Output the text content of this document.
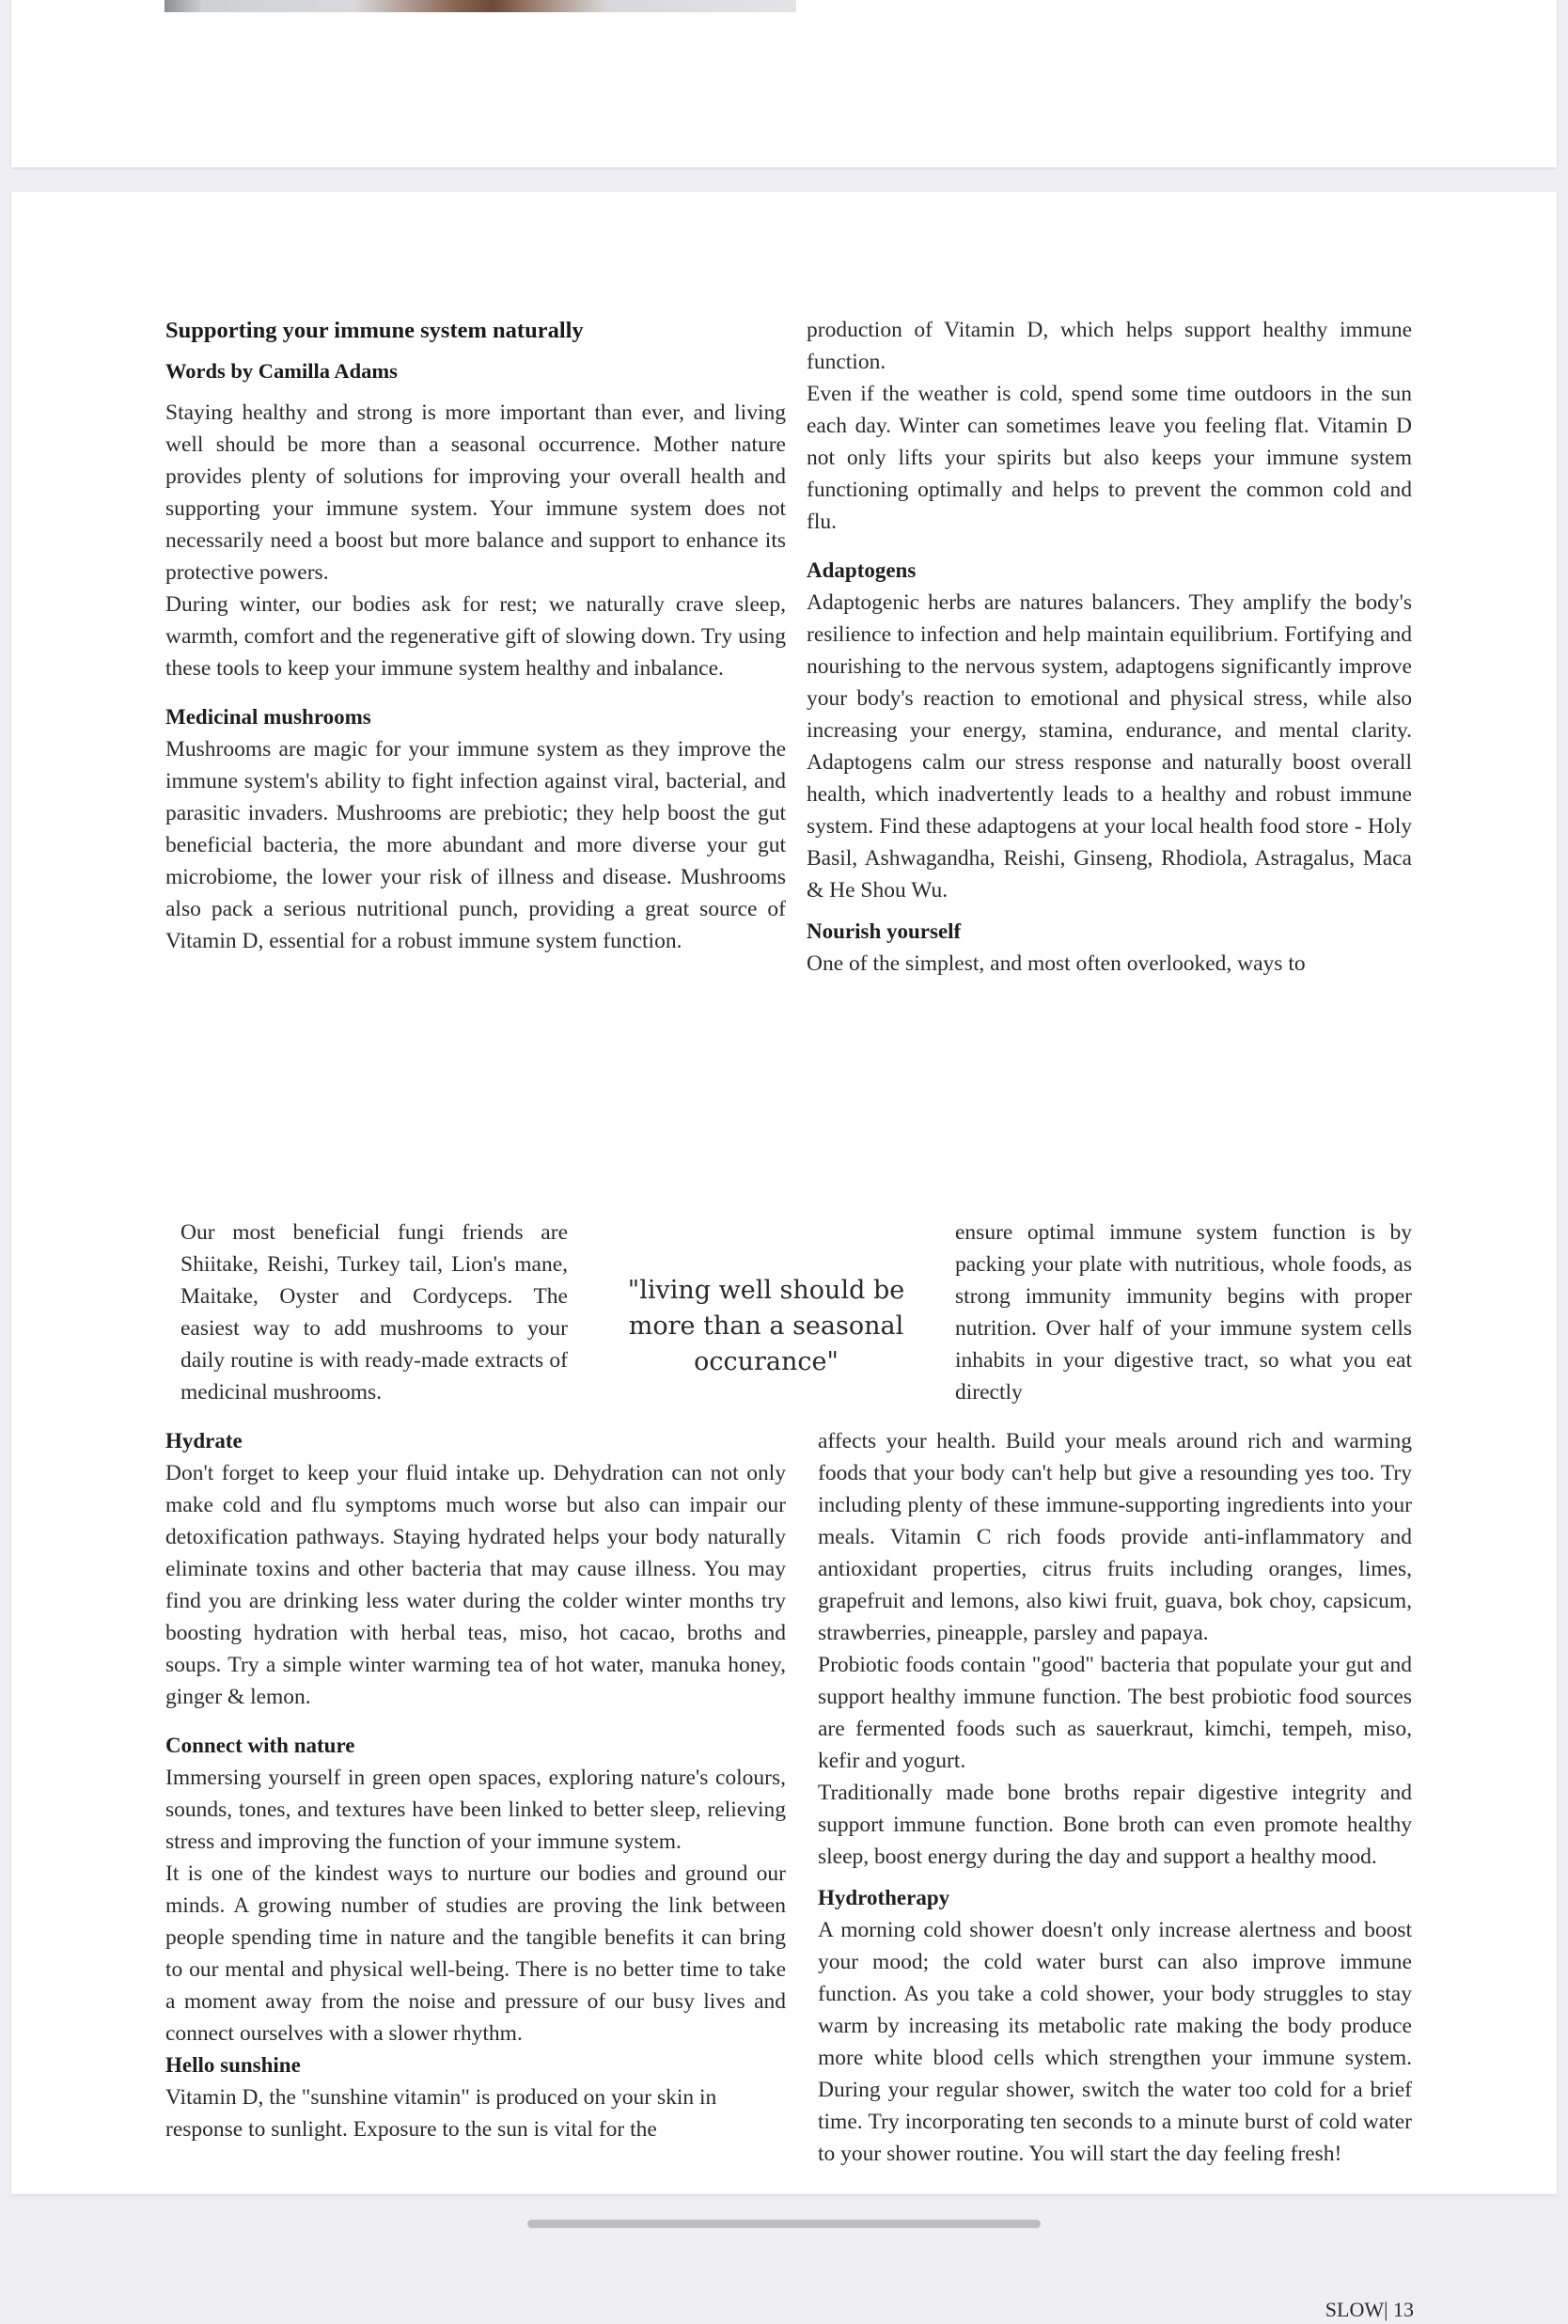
Supporting your immune system naturally

Words by Camilla Adams

Staying healthy and strong is more important than ever, and living well should be more than a seasonal occurrence. Mother nature provides plenty of solutions for improving your overall health and supporting your immune system. Your immune system does not necessarily need a boost but more balance and support to enhance its protective powers.

During winter, our bodies ask for rest; we naturally crave sleep, warmth, comfort and the regenerative gift of slowing down. Try using these tools to keep your immune system healthy and inbalance.

Medicinal mushrooms

Mushrooms are magic for your immune system as they improve the immune system's ability to fight infection against viral, bacterial, and parasitic invaders. Mushrooms are prebiotic; they help boost the gut beneficial bacteria, the more abundant and more diverse your gut microbiome, the lower your risk of illness and disease. Mushrooms also pack a serious nutritional punch, providing a great source of Vitamin D, essential for a robust immune system function.

production of Vitamin D, which helps support healthy immune function.

Even if the weather is cold, spend some time outdoors in the sun each day. Winter can sometimes leave you feeling flat. Vitamin D not only lifts your spirits but also keeps your immune system functioning optimally and helps to prevent the common cold and flu.

Adaptogens

Adaptogenic herbs are natures balancers. They amplify the body's resilience to infection and help maintain equilibrium. Fortifying and nourishing to the nervous system, adaptogens significantly improve your body's reaction to emotional and physical stress, while also increasing your energy, stamina, endurance, and mental clarity. Adaptogens calm our stress response and naturally boost overall health, which inadvertently leads to a healthy and robust immune system. Find these adaptogens at your local health food store - Holy Basil, Ashwagandha, Reishi, Ginseng, Rhodiola, Astragalus, Maca & He Shou Wu.

Nourish yourself

One of the simplest, and most often overlooked, ways to

Our most beneficial fungi friends are Shiitake, Reishi, Turkey tail, Lion's mane, Maitake, Oyster and Cordyceps. The easiest way to add mushrooms to your daily routine is with ready-made extracts of medicinal mushrooms.

"living well should be more than a seasonal occurance"

ensure optimal immune system function is by packing your plate with nutritious, whole foods, as strong immunity immunity begins with proper nutrition. Over half of your immune system cells inhabits in your digestive tract, so what you eat directly

Hydrate

Don't forget to keep your fluid intake up. Dehydration can not only make cold and flu symptoms much worse but also can impair our detoxification pathways. Staying hydrated helps your body naturally eliminate toxins and other bacteria that may cause illness. You may find you are drinking less water during the colder winter months try boosting hydration with herbal teas, miso, hot cacao, broths and soups. Try a simple winter warming tea of hot water, manuka honey, ginger & lemon.

Connect with nature

Immersing yourself in green open spaces, exploring nature's colours, sounds, tones, and textures have been linked to better sleep, relieving stress and improving the function of your immune system.

It is one of the kindest ways to nurture our bodies and ground our minds. A growing number of studies are proving the link between people spending time in nature and the tangible benefits it can bring to our mental and physical well-being. There is no better time to take a moment away from the noise and pressure of our busy lives and connect ourselves with a slower rhythm.

Hello sunshine

Vitamin D, the "sunshine vitamin" is produced on your skin in response to sunlight. Exposure to the sun is vital for the

affects your health. Build your meals around rich and warming foods that your body can't help but give a resounding yes too. Try including plenty of these immune-supporting ingredients into your meals. Vitamin C rich foods provide anti-inflammatory and antioxidant properties, citrus fruits including oranges, limes, grapefruit and lemons, also kiwi fruit, guava, bok choy, capsicum, strawberries, pineapple, parsley and papaya.

Probiotic foods contain "good" bacteria that populate your gut and support healthy immune function. The best probiotic food sources are fermented foods such as sauerkraut, kimchi, tempeh, miso, kefir and yogurt.

Traditionally made bone broths repair digestive integrity and support immune function. Bone broth can even promote healthy sleep, boost energy during the day and support a healthy mood.

Hydrotherapy

A morning cold shower doesn't only increase alertness and boost your mood; the cold water burst can also improve immune function. As you take a cold shower, your body struggles to stay warm by increasing its metabolic rate making the body produce more white blood cells which strengthen your immune system. During your regular shower, switch the water too cold for a brief time. Try incorporating ten seconds to a minute burst of cold water to your shower routine. You will start the day feeling fresh!

SLOW| 13
